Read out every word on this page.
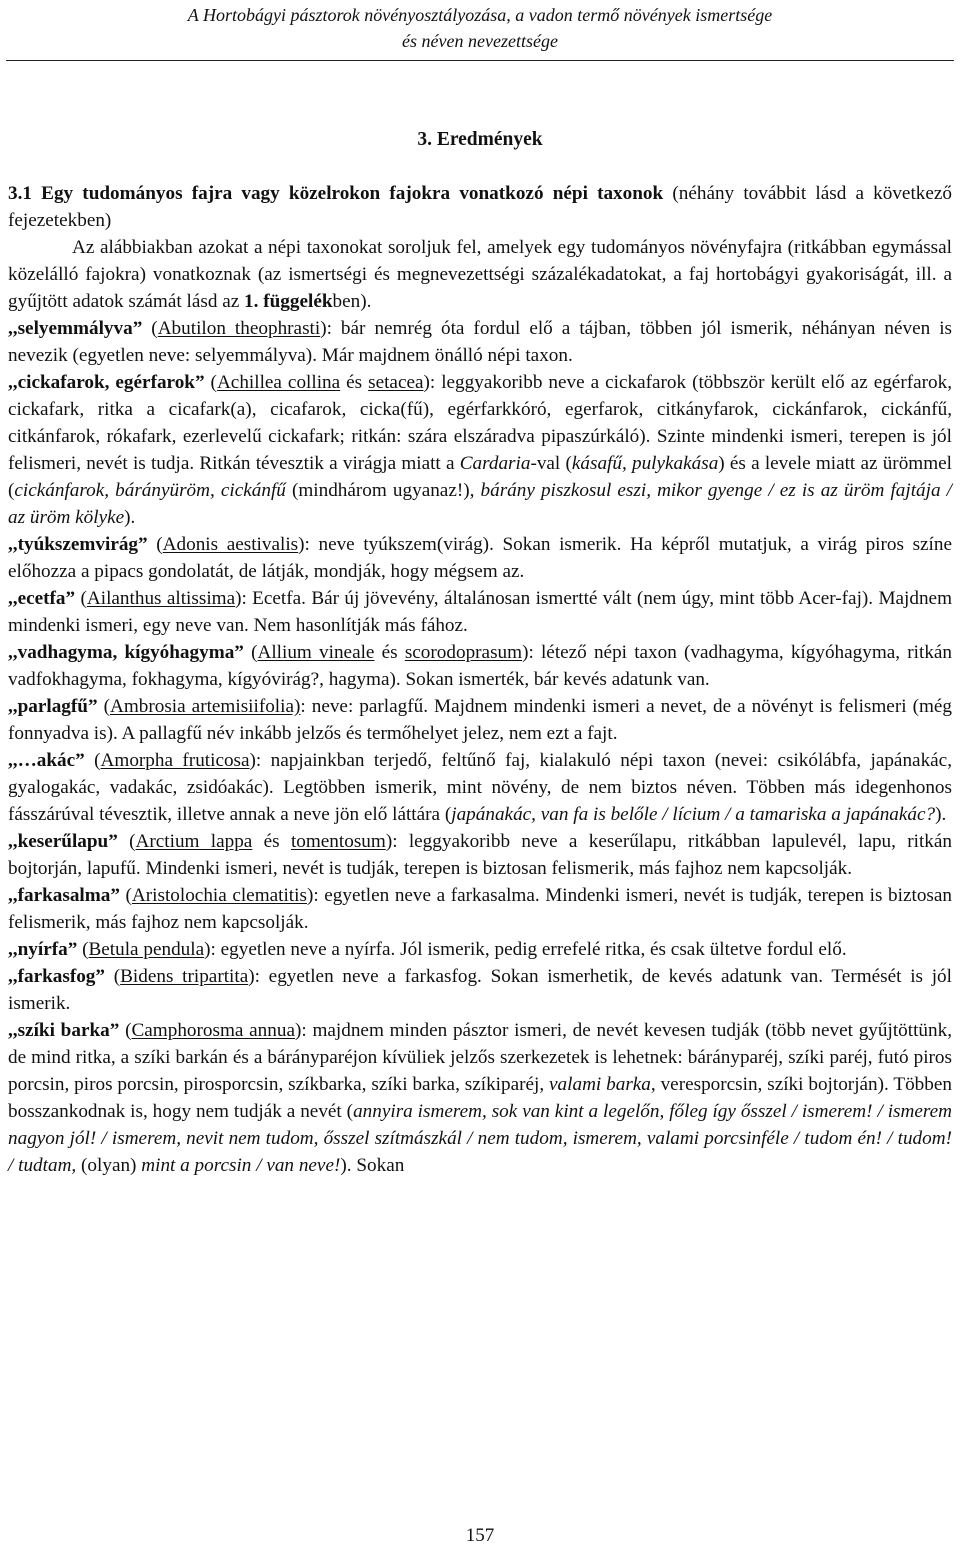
A Hortobágyi pásztorok növényosztályozása, a vadon termő növények ismertsége
és néven nevezettsége
3. Eredmények

3.1 Egy tudományos fajra vagy közelrokon fajokra vonatkozó népi taxonok (néhány továbbit lásd a következő fejezetekben)

Az alábbiakban azokat a népi taxonokat soroljuk fel, amelyek egy tudományos növényfajra (ritkábban egymással közelálló fajokra) vonatkoznak (az ismertségi és megnevezettségi százalékadatokat, a faj hortobágyi gyakoriságát, ill. a gyűjtött adatok számát lásd az 1. függelékben).

,,selyemmályva” (Abutilon theophrasti): bár nemrég óta fordul elő a tájban, többen jól ismerik, néhányan néven is nevezik (egyetlen neve: selyemmályva). Már majdnem önálló népi taxon.

,,cickafarok, egérfarok” (Achillea collina és setacea): leggyakoribb neve a cickafarok (többször került elő az egérfarok, cickafark, ritka a cicafark(a), cicafarok, cicka(fű), egérfarkkóró, egerfarok, citkányfarok, cickánfarok, cickánfű, citkánfarok, rókafark, ezerlevelű cickafark; ritkán: szára elszáradva pipaszúrkáló). Szinte mindenki ismeri, terepen is jól felismeri, nevét is tudja. Ritkán tévesztik a virágja miatt a Cardaria-val (kásafű, pulykakása) és a levele miatt az ürömmel (cickánfarok, bárányüröm, cickánfű (mindhárom ugyanaz!), bárány piszkosul eszi, mikor gyenge / ez is az üröm fajtája / az üröm kölyke).

,,tyúkszemvirág” (Adonis aestivalis): neve tyúkszem(virág). Sokan ismerik. Ha képről mutatjuk, a virág piros színe előhozza a pipacs gondolatát, de látják, mondják, hogy mégsem az.

,,ecetfa” (Ailanthus altissima): Ecetfa. Bár új jövevény, általánosan ismertté vált (nem úgy, mint több Acer-faj). Majdnem mindenki ismeri, egy neve van. Nem hasonlítják más fához.

,,vadhagyma, kígyóhagyma” (Allium vineale és scorodoprasum): létező népi taxon (vadhagyma, kígyóhagyma, ritkán vadfokhagyma, fokhagyma, kígyóvirág?, hagyma). Sokan ismerték, bár kevés adatunk van.

,,parlagfű” (Ambrosia artemisiifolia): neve: parlagfű. Majdnem mindenki ismeri a nevet, de a növényt is felismeri (még fonnyadva is). A pallagfű név inkább jelzős és termőhelyet jelez, nem ezt a fajt.

,,…akác” (Amorpha fruticosa): napjainkban terjedő, feltűnő faj, kialakuló népi taxon (nevei: csikólábfa, japánakác, gyalogakác, vadakác, zsidóakác). Legtöbben ismerik, mint növény, de nem biztos néven. Többen más idegenhonos fásszárúval tévesztik, illetve annak a neve jön elő láttára (japánakác, van fa is belőle / lícium / a tamariska a japánakác?).

,,keserűlapu” (Arctium lappa és tomentosum): leggyakoribb neve a keserűlapu, ritkábban lapulevél, lapu, ritkán bojtorján, lapufű. Mindenki ismeri, nevét is tudják, terepen is biztosan felismerik, más fajhoz nem kapcsolják.

,,farkasalma” (Aristolochia clematitis): egyetlen neve a farkasalma. Mindenki ismeri, nevét is tudják, terepen is biztosan felismerik, más fajhoz nem kapcsolják.

,,nyírfa” (Betula pendula): egyetlen neve a nyírfa. Jól ismerik, pedig errefelé ritka, és csak ültetve fordul elő.

,,farkasfog” (Bidens tripartita): egyetlen neve a farkasfog. Sokan ismerhetik, de kevés adatunk van. Termését is jól ismerik.

,,szíki barka” (Camphorosma annua): majdnem minden pásztor ismeri, de nevét kevesen tudják (több nevet gyűjtöttünk, de mind ritka, a szíki barkán és a bárányparéjon kívüliek jelzős szerkezetek is lehetnek: bárányparéj, szíki paréj, futó piros porcsin, piros porcsin, pirosporcsin, szíkbarka, szíki barka, szíkiparéj, valami barka, veresporcsin, szíki bojtorján). Többen bosszankodnak is, hogy nem tudják a nevét (annyira ismerem, sok van kint a legelőn, főleg így ősszel / ismerem! / ismerem nagyon jól! / ismerem, nevit nem tudom, ősszel szítmászkál / nem tudom, ismerem, valami porcsinféle / tudom én! / tudom! / tudtam, (olyan) mint a porcsin / van neve!). Sokan

157
